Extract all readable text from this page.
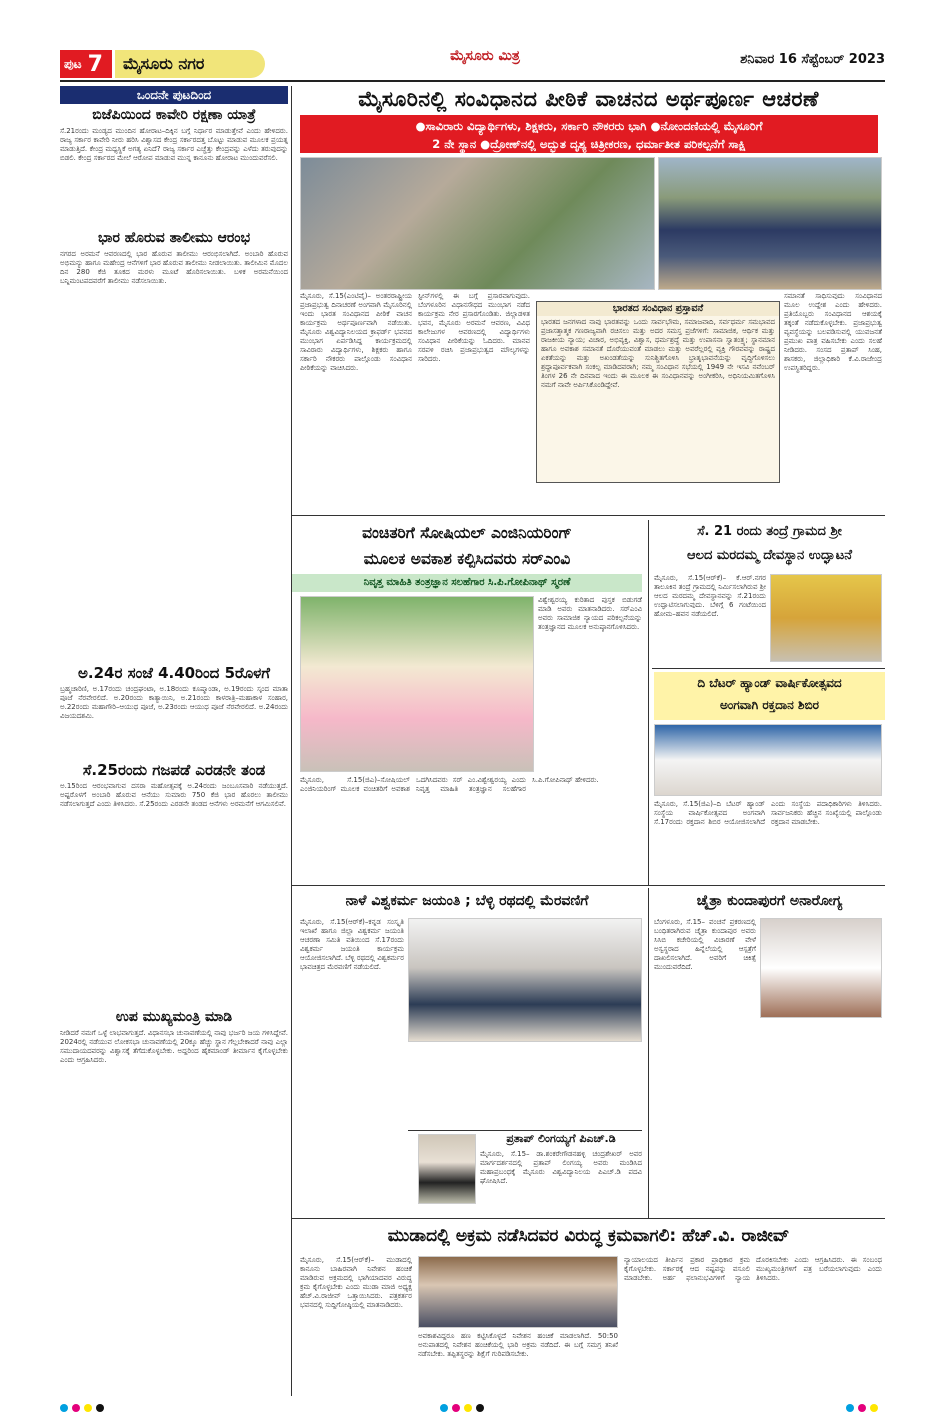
ಪುಟ 7	ಮೈಸೂರು ನಗರ	ಮೈಸೂರು ಮಿತ್ರ	ಶನಿವಾರ 16 ಸೆಪ್ಟೆಂಬರ್ 2023
ಒಂದನೇ ಪುಟದಿಂದ
ಬಿಜೆಪಿಯಿಂದ ಕಾವೇರಿ ರಕ್ಷಣಾ ಯಾತ್ರೆ
ಸೆ.21ರಂದು ಮಂಡ್ಯದ ಮುಂದಿನ ಹೋರಾಟ–ದಿಕ್ಕಿನ ಬಗ್ಗೆ ನಿರ್ಧಾರ ಮಾಡುತ್ತೇವೆ ಎಂದು ಹೇಳಿದರು. ರಾಜ್ಯ ಸರ್ಕಾರ ಕಾವೇರಿ ನೀರು ಹರಿಸಿ ವಿಶ್ವಾಸದ ಕೇಂದ್ರ ಸರ್ಕಾರದತ್ತ ಬೊಟ್ಟು ಮಾಡುವ ಮೂಲಕ ಪ್ರಯತ್ನ ಮಾಡುತ್ತಿದೆ. ಕೇಂದ್ರ ಮಧ್ಯಸ್ಥಿಕೆ ಅಗತ್ಯ ಏನಿದೆ? ರಾಜ್ಯ ಸರ್ಕಾರ ಎಚ್ಚೆತ್ತು ಕೇಂದ್ರವನ್ನು ಎಳೆದು ತರುವುದನ್ನು ಬಿಡಲಿ. ಕೇಂದ್ರ ಸರ್ಕಾರದ ಮೇಲೆ ಆರೋಪ ಮಾಡುವ ಮುನ್ನ ಕಾನೂನು ಹೋರಾಟ ಮುಂದುವರೆಸಲಿ.
ಭಾರ ಹೊರುವ ತಾಲೀಮು ಆರಂಭ
ನಗರದ ಅರಮನೆ ಆವರಣದಲ್ಲಿ ಭಾರ ಹೊರುವ ತಾಲೀಮು ಆರಂಭಿಸಲಾಗಿದೆ. ಅಂಬಾರಿ ಹೊರುವ ಅಭಿಮನ್ಯು ಹಾಗೂ ಮಹೇಂದ್ರ ಆನೆಗಳಿಗೆ ಭಾರ ಹೊರುವ ತಾಲೀಮು ನೀಡಲಾಯಿತು. ತಾಲೀಮಿನ ಮೊದಲ ದಿನ 280 ಕೆಜಿ ತೂಕದ ಮರಳು ಮೂಟೆ ಹೊರಿಸಲಾಯಿತು. ಬಳಿಕ ಅರಮನೆಯಿಂದ ಬನ್ನಿಮಂಟಪದವರೆಗೆ ತಾಲೀಮು ನಡೆಸಲಾಯಿತು.
ಅ.24ರ ಸಂಜೆ 4.40ರಿಂದ 5ರೊಳಗೆ
ಬ್ರಹ್ಮಚಾರಿಣಿ, ಅ.17ರಂದು ಚಂದ್ರಘಂಟಾ, ಅ.18ರಂದು ಕೂಷ್ಮಾಂಡಾ, ಅ.19ರಂದು ಸ್ಕಂದ ಮಾತಾ ಪೂಜೆ ನೆರವೇರಲಿದೆ. ಅ.20ರಂದು ಕಾತ್ಯಾಯಿನಿ, ಅ.21ರಂದು ಕಾಳರಾತ್ರಿ–ಮಹಾಕಾಳ ಸಂಹಾರ, ಅ.22ರಂದು ಮಹಾಗೌರಿ–ಆಯುಧ ಪೂಜೆ, ಅ.23ರಂದು ಆಯುಧ ಪೂಜೆ ನೆರವೇರಲಿದೆ. ಅ.24ರಂದು ವಿಜಯದಶಮಿ.
ಸೆ.25ರಂದು ಗಜಪಡೆ ಎರಡನೇ ತಂಡ
ಅ.15ರಿಂದ ಆರಂಭವಾಗುವ ದಸರಾ ಮಹೋತ್ಸವಕ್ಕೆ ಅ.24ರಂದು ಜಂಬೂಸವಾರಿ ನಡೆಯುತ್ತದೆ. ಅಷ್ಟರೊಳಗೆ ಅಂಬಾರಿ ಹೊರುವ ಆನೆಯು ಸುಮಾರು 750 ಕೆಜಿ ಭಾರ ಹೊರಲು ತಾಲೀಮು ನಡೆಸಲಾಗುತ್ತದೆ ಎಂದು ತಿಳಿಸಿದರು. ಸೆ.25ರಂದು ಎರಡನೇ ತಂಡದ ಆನೆಗಳು ಅರಮನೆಗೆ ಆಗಮಿಸಲಿವೆ.
ಉಪ ಮುಖ್ಯಮಂತ್ರಿ ಮಾಡಿ
ನೀಡಿದರೆ ನಮಗೆ ಒಳ್ಳೆ ಲಾಭವಾಗುತ್ತದೆ. ವಿಧಾನಸಭಾ ಚುನಾವಣೆಯಲ್ಲಿ ನಾವು ಭರ್ಜರಿ ಜಯ ಗಳಿಸಿದ್ದೇವೆ. 2024ರಲ್ಲಿ ನಡೆಯುವ ಲೋಕಸಭಾ ಚುನಾವಣೆಯಲ್ಲಿ 20ಕ್ಕೂ ಹೆಚ್ಚು ಸ್ಥಾನ ಗೆಲ್ಲಬೇಕಾದರೆ ನಾವು ಎಲ್ಲಾ ಸಮುದಾಯದವರನ್ನು ವಿಶ್ವಾಸಕ್ಕೆ ತೆಗೆದುಕೊಳ್ಳಬೇಕು. ಅದ್ದರಿಂದ ಹೈಕಮಾಂಡ್ ತೀರ್ಮಾನ ಕೈಗೊಳ್ಳಬೇಕು ಎಂದು ಆಗ್ರಹಿಸಿದರು.
ಮೈಸೂರಿನಲ್ಲಿ ಸಂವಿಧಾನದ ಪೀಠಿಕೆ ವಾಚನದ ಅರ್ಥಪೂರ್ಣ ಆಚರಣೆ
●ಸಾವಿರಾರು ವಿದ್ಯಾರ್ಥಿಗಳು, ಶಿಕ್ಷಕರು, ಸರ್ಕಾರಿ ನೌಕರರು ಭಾಗಿ ●ನೋಂದಣಿಯಲ್ಲಿ ಮೈಸೂರಿಗೆ
2 ನೇ ಸ್ಥಾನ ●ದ್ರೋಣ್‌ನಲ್ಲಿ ಅದ್ಭುತ ದೃಶ್ಯ ಚಿತ್ರೀಕರಣ, ಧರ್ಮಾತೀತ ಪರಿಕಲ್ಪನೆಗೆ ಸಾಕ್ಷಿ
ಮೈಸೂರು, ಸೆ.15(ಎಂಟಿವೈ)– ಅಂತರರಾಷ್ಟ್ರೀಯ ಪ್ರಜಾಪ್ರಭುತ್ವ ದಿನಾಚರಣೆ ಅಂಗವಾಗಿ ಮೈಸೂರಿನಲ್ಲಿ ಇಂದು ಭಾರತ ಸಂವಿಧಾನದ ಪೀಠಿಕೆ ವಾಚನ ಕಾರ್ಯಕ್ರಮ ಅರ್ಥಪೂರ್ಣವಾಗಿ ನಡೆಯಿತು. ಮೈಸೂರು ವಿಶ್ವವಿದ್ಯಾನಿಲಯದ ಕ್ರಾಫರ್ಡ್ ಭವನದ ಮುಂಭಾಗ ಏರ್ಪಡಿಸಿದ್ದ ಕಾರ್ಯಕ್ರಮದಲ್ಲಿ ಸಾವಿರಾರು ವಿದ್ಯಾರ್ಥಿಗಳು, ಶಿಕ್ಷಕರು ಹಾಗೂ ಸರ್ಕಾರಿ ನೌಕರರು ಪಾಲ್ಗೊಂಡು ಸಂವಿಧಾನ ಪೀಠಿಕೆಯನ್ನು ವಾಚಿಸಿದರು.
ಸ್ಟೀನ್‌ಗಳಲ್ಲಿ ಈ ಬಗ್ಗೆ ಪ್ರಸಾರವಾಗುವುದು. ಬೆಂಗಳೂರಿನ ವಿಧಾನಸೌಧದ ಮುಂಭಾಗ ನಡೆದ ಕಾರ್ಯಕ್ರಮ ನೇರ ಪ್ರಸಾರಗೊಂಡಿತು. ಜಿಲ್ಲಾಡಳಿತ ಭವನ, ಮೈಸೂರು ಅರಮನೆ ಆವರಣ, ವಿವಿಧ ಕಾಲೇಜುಗಳ ಆವರಣದಲ್ಲಿ ವಿದ್ಯಾರ್ಥಿಗಳು ಸಂವಿಧಾನ ಪೀಠಿಕೆಯನ್ನು ಓದಿದರು. ಮಾನವ ಸರಪಳಿ ರಚಿಸಿ ಪ್ರಜಾಪ್ರಭುತ್ವದ ಮೌಲ್ಯಗಳನ್ನು ಸಾರಿದರು.
ಭಾರತದ ಸಂವಿಧಾನ ಪ್ರಸ್ತಾವನೆ
ಭಾರತದ ಜನಗಳಾದ ನಾವು ಭಾರತವನ್ನು ಒಂದು ಸಾರ್ವಭೌಮ, ಸಮಾಜವಾದಿ, ಸರ್ವಧರ್ಮ ಸಮಭಾವದ ಪ್ರಜಾಸತ್ತಾತ್ಮಕ ಗಣರಾಜ್ಯವಾಗಿ ರಚಿಸಲು ಮತ್ತು ಅದರ ಸಮಸ್ತ ಪ್ರಜೆಗಳಿಗೆ: ಸಾಮಾಜಿಕ, ಆರ್ಥಿಕ ಮತ್ತು ರಾಜಕೀಯ ನ್ಯಾಯ; ವಿಚಾರ, ಅಭಿವ್ಯಕ್ತಿ, ವಿಶ್ವಾಸ, ಧರ್ಮಶ್ರದ್ಧೆ ಮತ್ತು ಉಪಾಸನಾ ಸ್ವಾತಂತ್ರ್ಯ; ಸ್ಥಾನಮಾನ ಹಾಗೂ ಅವಕಾಶ ಸಮಾನತೆ ದೊರೆಯುವಂತೆ ಮಾಡಲು ಮತ್ತು ಅವರೆಲ್ಲರಲ್ಲಿ ವ್ಯಕ್ತಿ ಗೌರವವನ್ನು ರಾಷ್ಟ್ರದ ಏಕತೆಯನ್ನು ಮತ್ತು ಅಖಂಡತೆಯನ್ನು ಸುನಿಶ್ಚಿತಗೊಳಿಸಿ ಭ್ರಾತೃಭಾವನೆಯನ್ನು ವೃದ್ಧಿಗೊಳಿಸಲು ಶ್ರದ್ಧಾಪೂರ್ವಕವಾಗಿ ಸಂಕಲ್ಪ ಮಾಡಿದವರಾಗಿ; ನಮ್ಮ ಸಂವಿಧಾನ ಸಭೆಯಲ್ಲಿ 1949 ನೇ ಇಸವಿ ನವೆಂಬರ್ ತಿಂಗಳ 26 ನೇ ದಿನವಾದ ಇಂದು ಈ ಮೂಲಕ ಈ ಸಂವಿಧಾನವನ್ನು ಅಂಗೀಕರಿಸಿ, ಅಧಿನಿಯಮಿತಗೊಳಿಸಿ ನಮಗೆ ನಾವೇ ಅರ್ಪಿಸಿಕೊಂಡಿದ್ದೇವೆ.
ಸಮಾನತೆ ಸಾಧಿಸುವುದು ಸಂವಿಧಾನದ ಮೂಲ ಉದ್ದೇಶ ಎಂದು ಹೇಳಿದರು. ಪ್ರತಿಯೊಬ್ಬರು ಸಂವಿಧಾನದ ಆಶಯಕ್ಕೆ ತಕ್ಕಂತೆ ನಡೆದುಕೊಳ್ಳಬೇಕು. ಪ್ರಜಾಪ್ರಭುತ್ವ ವ್ಯವಸ್ಥೆಯನ್ನು ಬಲಪಡಿಸುವಲ್ಲಿ ಯುವಜನತೆ ಪ್ರಮುಖ ಪಾತ್ರ ವಹಿಸಬೇಕು ಎಂದು ಸಲಹೆ ನೀಡಿದರು. ಸಂಸದ ಪ್ರತಾಪ್ ಸಿಂಹ, ಶಾಸಕರು, ಜಿಲ್ಲಾಧಿಕಾರಿ ಕೆ.ವಿ.ರಾಜೇಂದ್ರ ಉಪಸ್ಥಿತರಿದ್ದರು.
ವಂಚಿತರಿಗೆ ಸೋಷಿಯಲ್ ಎಂಜಿನಿಯರಿಂಗ್
ಮೂಲಕ ಅವಕಾಶ ಕಲ್ಪಿಸಿದವರು ಸರ್‌ಎಂವಿ
ನಿವೃತ್ತ ಮಾಹಿತಿ ತಂತ್ರಜ್ಞಾನ ಸಲಹೆಗಾರ ಸಿ.ಪಿ.ಗೋಪಿನಾಥ್ ಸ್ಮರಣೆ
ವಿಶ್ವೇಶ್ವರಯ್ಯ ಕುರಿತಾದ ಪುಸ್ತಕ ಬಿಡುಗಡೆ ಮಾಡಿ ಅವರು ಮಾತನಾಡಿದರು. ಸರ್‌ಎಂವಿ ಅವರು ಸಾಮಾಜಿಕ ನ್ಯಾಯದ ಪರಿಕಲ್ಪನೆಯನ್ನು ತಂತ್ರಜ್ಞಾನದ ಮೂಲಕ ಅನುಷ್ಠಾನಗೊಳಿಸಿದರು.
ಮೈಸೂರು, ಸೆ.15(ಜಿಎ)–ಸೋಷಿಯಲ್ ಎಂಜಿನಿಯರಿಂಗ್ ಮೂಲಕ ವಂಚಿತರಿಗೆ ಅವಕಾಶ ಒದಗಿಸಿದವರು ಸರ್ ಎಂ.ವಿಶ್ವೇಶ್ವರಯ್ಯ ಎಂದು ನಿವೃತ್ತ ಮಾಹಿತಿ ತಂತ್ರಜ್ಞಾನ ಸಲಹೆಗಾರ ಸಿ.ಪಿ.ಗೋಪಿನಾಥ್ ಹೇಳಿದರು.
ಸೆ. 21 ರಂದು ತಂದ್ರೆ ಗ್ರಾಮದ ಶ್ರೀ
ಆಲದ ಮರದಮ್ಮ ದೇವಸ್ಥಾನ ಉದ್ಘಾಟನೆ
ಮೈಸೂರು, ಸೆ.15(ಆರ್‌ಕೆ)– ಕೆ.ಆರ್.ನಗರ ತಾಲೂಕಿನ ತಂದ್ರೆ ಗ್ರಾಮದಲ್ಲಿ ನಿರ್ಮಿಸಲಾಗಿರುವ ಶ್ರೀ ಆಲದ ಮರದಮ್ಮ ದೇವಸ್ಥಾನವನ್ನು ಸೆ.21ರಂದು ಉದ್ಘಾಟಿಸಲಾಗುವುದು. ಬೆಳಿಗ್ಗೆ 6 ಗಂಟೆಯಿಂದ ಹೋಮ–ಹವನ ನಡೆಯಲಿದೆ.
ದಿ ಬೆಟರ್ ಹ್ಯಾಂಡ್ ವಾರ್ಷಿಕೋತ್ಸವದ
ಅಂಗವಾಗಿ ರಕ್ತದಾನ ಶಿಬಿರ
ಮೈಸೂರು, ಸೆ.15(ಜಿಎ)–ದಿ ಬೆಟರ್ ಹ್ಯಾಂಡ್ ಸಂಸ್ಥೆಯ ವಾರ್ಷಿಕೋತ್ಸವದ ಅಂಗವಾಗಿ ಸೆ.17ರಂದು ರಕ್ತದಾನ ಶಿಬಿರ ಆಯೋಜಿಸಲಾಗಿದೆ ಎಂದು ಸಂಸ್ಥೆಯ ಪದಾಧಿಕಾರಿಗಳು ತಿಳಿಸಿದರು. ಸಾರ್ವಜನಿಕರು ಹೆಚ್ಚಿನ ಸಂಖ್ಯೆಯಲ್ಲಿ ಪಾಲ್ಗೊಂಡು ರಕ್ತದಾನ ಮಾಡಬೇಕು.
ನಾಳೆ ವಿಶ್ವಕರ್ಮ ಜಯಂತಿ ; ಬೆಳ್ಳಿ ರಥದಲ್ಲಿ ಮೆರವಣಿಗೆ
ಮೈಸೂರು, ಸೆ.15(ಆರ್‌ಕೆ)–ಕನ್ನಡ ಸಂಸ್ಕೃತಿ ಇಲಾಖೆ ಹಾಗೂ ಜಿಲ್ಲಾ ವಿಶ್ವಕರ್ಮ ಜಯಂತಿ ಆಚರಣಾ ಸಮಿತಿ ವತಿಯಿಂದ ಸೆ.17ರಂದು ವಿಶ್ವಕರ್ಮ ಜಯಂತಿ ಕಾರ್ಯಕ್ರಮ ಆಯೋಜಿಸಲಾಗಿದೆ. ಬೆಳ್ಳಿ ರಥದಲ್ಲಿ ವಿಶ್ವಕರ್ಮರ ಭಾವಚಿತ್ರದ ಮೆರವಣಿಗೆ ನಡೆಯಲಿದೆ.
ಪ್ರತಾಪ್ ಲಿಂಗಯ್ಯಗೆ ಪಿಎಚ್.ಡಿ
ಮೈಸೂರು, ಸೆ.15– ಡಾ.ಶಂಕರೇಗೌಡನಹಳ್ಳಿ ಚಂದ್ರಶೇಖರ್ ಅವರ ಮಾರ್ಗದರ್ಶನದಲ್ಲಿ ಪ್ರತಾಪ್ ಲಿಂಗಯ್ಯ ಅವರು ಮಂಡಿಸಿದ ಮಹಾಪ್ರಬಂಧಕ್ಕೆ ಮೈಸೂರು ವಿಶ್ವವಿದ್ಯಾನಿಲಯ ಪಿಎಚ್.ಡಿ ಪದವಿ ಘೋಷಿಸಿದೆ.
ಚೈತ್ರಾ ಕುಂದಾಪುರಗೆ ಅನಾರೋಗ್ಯ
ಬೆಂಗಳೂರು, ಸೆ.15– ವಂಚನೆ ಪ್ರಕರಣದಲ್ಲಿ ಬಂಧಿತರಾಗಿರುವ ಚೈತ್ರಾ ಕುಂದಾಪುರ ಅವರು ಸಿಸಿಬಿ ಕಚೇರಿಯಲ್ಲಿ ವಿಚಾರಣೆ ವೇಳೆ ಅಸ್ವಸ್ಥರಾದ ಹಿನ್ನೆಲೆಯಲ್ಲಿ ಆಸ್ಪತ್ರೆಗೆ ದಾಖಲಿಸಲಾಗಿದೆ. ಅವರಿಗೆ ಚಿಕಿತ್ಸೆ ಮುಂದುವರೆದಿದೆ.
ಮುಡಾದಲ್ಲಿ ಅಕ್ರಮ ನಡೆಸಿದವರ ವಿರುದ್ಧ ಕ್ರಮವಾಗಲಿ: ಹೆಚ್.ವಿ. ರಾಜೀವ್
ಮೈಸೂರು, ಸೆ.15(ಆರ್‌ಕೆ)– ಮುಡಾದಲ್ಲಿ ಕಾನೂನು ಬಾಹಿರವಾಗಿ ನಿವೇಶನ ಹಂಚಿಕೆ ಮಾಡಿರುವ ಅಕ್ರಮದಲ್ಲಿ ಭಾಗಿಯಾದವರ ವಿರುದ್ಧ ಕ್ರಮ ಕೈಗೊಳ್ಳಬೇಕು ಎಂದು ಮುಡಾ ಮಾಜಿ ಅಧ್ಯಕ್ಷ ಹೆಚ್.ವಿ.ರಾಜೀವ್ ಒತ್ತಾಯಿಸಿದರು. ಪತ್ರಕರ್ತರ ಭವನದಲ್ಲಿ ಸುದ್ದಿಗೋಷ್ಠಿಯಲ್ಲಿ ಮಾತನಾಡಿದರು.
ಅವಕಾಶವಿದ್ದರೂ ಹಣ ಕಟ್ಟಿಸಿಕೊಳ್ಳದೆ ನಿವೇಶನ ಹಂಚಿಕೆ ಮಾಡಲಾಗಿದೆ. 50:50 ಅನುಪಾತದಲ್ಲಿ ನಿವೇಶನ ಹಂಚಿಕೆಯಲ್ಲಿ ಭಾರಿ ಅಕ್ರಮ ನಡೆದಿದೆ. ಈ ಬಗ್ಗೆ ಸಮಗ್ರ ತನಿಖೆ ನಡೆಸಬೇಕು. ತಪ್ಪಿತಸ್ಥರನ್ನು ಶಿಕ್ಷೆಗೆ ಗುರಿಪಡಿಸಬೇಕು.
ನ್ಯಾಯಾಲಯದ ತೀರ್ಪಿನ ಪ್ರಕಾರ ಪ್ರಾಧಿಕಾರ ಕ್ರಮ ಕೈಗೊಳ್ಳಬೇಕು. ಸರ್ಕಾರಕ್ಕೆ ಆದ ನಷ್ಟವನ್ನು ವಸೂಲಿ ಮಾಡಬೇಕು. ಅರ್ಹ ಫಲಾನುಭವಿಗಳಿಗೆ ನ್ಯಾಯ ದೊರಕಿಸಬೇಕು ಎಂದು ಆಗ್ರಹಿಸಿದರು. ಈ ಸಂಬಂಧ ಮುಖ್ಯಮಂತ್ರಿಗಳಿಗೆ ಪತ್ರ ಬರೆಯಲಾಗುವುದು ಎಂದು ತಿಳಿಸಿದರು.
